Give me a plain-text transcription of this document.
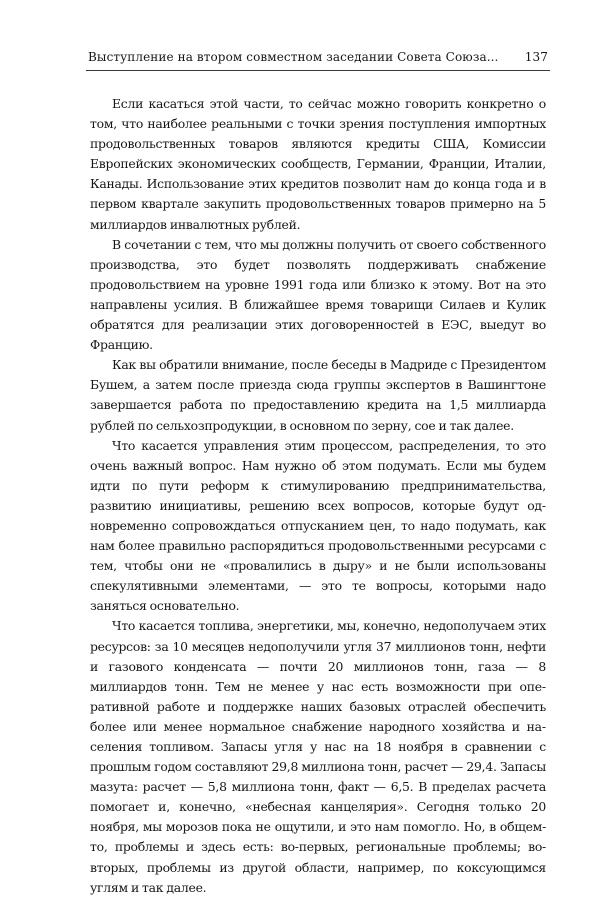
Выступление на втором совместном заседании Совета Союза... 137

Если касаться этой части, то сейчас можно говорить конкретно о том, что наиболее реальными с точки зрения поступления импортных продовольственных товаров являются кредиты США, Комиссии Европейских экономических сообществ, Германии, Франции, Италии, Канады. Использование этих кредитов позволит нам до конца года и в первом квартале закупить продовольственных товаров примерно на 5 миллиардов инвалютных рублей.

В сочетании с тем, что мы должны получить от своего собственного производства, это будет позволять поддерживать снабжение продовольствием на уровне 1991 года или близко к этому. Вот на это направлены усилия. В ближайшее время товарищи Силаев и Кулик обратятся для реализации этих договоренностей в ЕЭС, выедут во Францию.

Как вы обратили внимание, после беседы в Мадриде с Президентом Бушем, а затем после приезда сюда группы экспертов в Вашингтоне завершается работа по предоставлению кредита на 1,5 миллиарда рублей по сельхозпродукции, в основном по зерну, сое и так далее.

Что касается управления этим процессом, распределения, то это очень важный вопрос. Нам нужно об этом подумать. Если мы будем идти по пути реформ к стимулированию предпринимательства, развитию инициативы, решению всех вопросов, которые будут одновременно сопровождаться отпусканием цен, то надо подумать, как нам более правильно распорядиться продовольственными ресурсами с тем, чтобы они не «провалились в дыру» и не были использованы спекулятивными элементами, — это те вопросы, которыми надо заняться основательно.

Что касается топлива, энергетики, мы, конечно, недополучаем этих ресурсов: за 10 месяцев недополучили угля 37 миллионов тонн, нефти и газового конденсата — почти 20 миллионов тонн, газа — 8 миллиардов тонн. Тем не менее у нас есть возможности при оперативной работе и поддержке наших базовых отраслей обеспечить более или менее нормальное снабжение народного хозяйства и населения топливом. Запасы угля у нас на 18 ноября в сравнении с прошлым годом составляют 29,8 миллиона тонн, расчет — 29,4. Запасы мазута: расчет — 5,8 миллиона тонн, факт — 6,5. В пределах расчета помогает и, конечно, «небесная канцелярия». Сегодня только 20 ноября, мы морозов пока не ощутили, и это нам помогло. Но, в общем-то, проблемы и здесь есть: во-первых, региональные проблемы; во-вторых, проблемы из другой области, например, по коксующимся углям и так далее.
